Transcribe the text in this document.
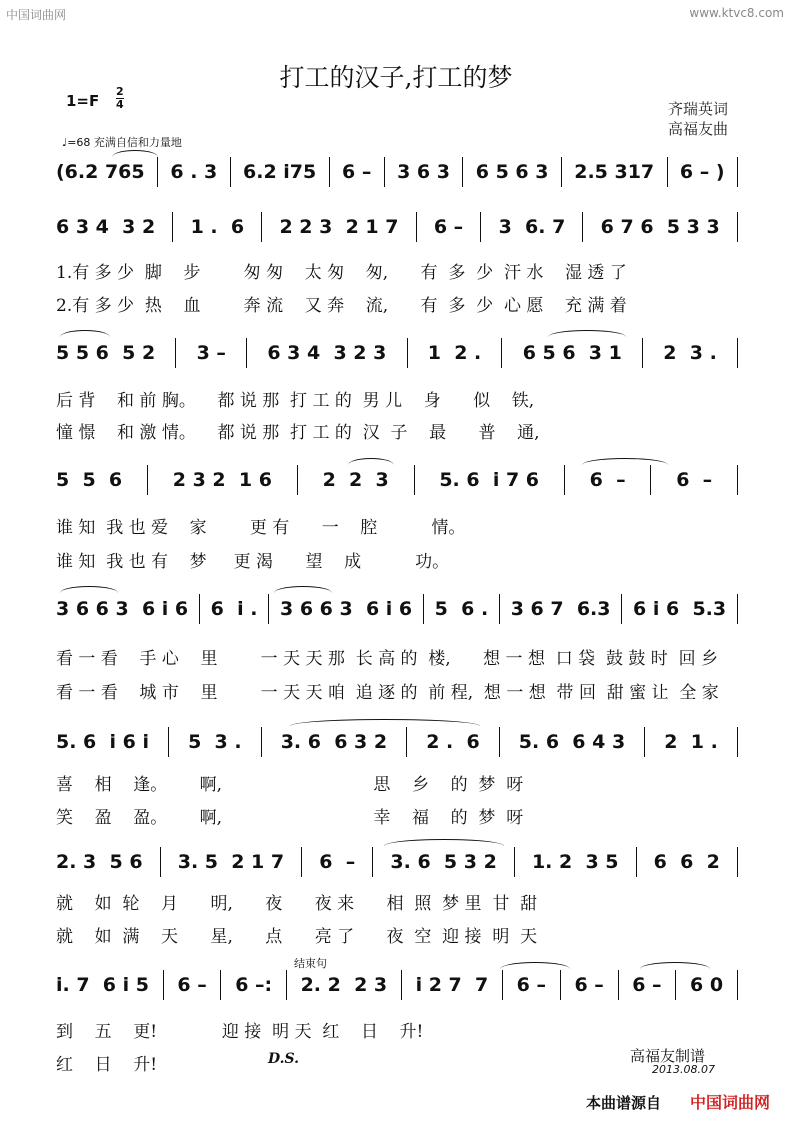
中国词曲网	www.ktvc8.com
打工的汉子,打工的梦
$1=F \frac{2}{4}$	齐瑞英词
高福友曲
♩=68 充满自信和力量地
(6.2 765 6 . 3 6.2 i75 6 – 3 6 3 6 5 6 3 2.5 317 6 – )
6 3 4  3 2 1 .  6 2 2 3  2 1 7 6 – 3  6. 7 6 7 6  5 3 3
5 5 6  5 2 3 – 6 3 4  3 2 3 1  2 . 6 5 6  3 1 2  3 .
5  5  6	2 3 2  1 6	2  2  3	5. 6  i 7 6	6  –	6  –
3 6 6 3  6 i 6 6  i . 3 6 6 3  6 i 6 5  6 . 3 6 7  6.3 6 i 6  5.3
5. 6  i 6 i 5  3 . 3. 6  6 3 2 2 .  6 5. 6  6 4 3 2  1 .
2. 3  5 6 3. 5  2 1 7 6  – 3. 6  5 3 2 1. 2  3 5 6  6  2
i. 7  6 i 5 6 – 6 –: 2. 2  2 3 i 2 7  7 6 – 6 – 6 – 6 0
1.有 多 少  脚    步        匆 匆    太 匆    匆,      有  多  少  汗 水    湿 透 了
2.有 多 少  热    血        奔 流    又 奔    流,      有  多  少  心 愿    充 满 着
后 背    和 前 胸。    都 说 那  打 工 的  男 儿    身      似    铁,
憧 憬    和 激 情。    都 说 那  打 工 的  汉  子    最      普    通,
谁 知  我 也 爱    家        更 有      一    腔          情。
谁 知  我 也 有    梦     更 渴      望    成          功。
看 一 看    手 心    里        一 天 天 那  长 高 的  楼,      想 一 想  口 袋  鼓 鼓 时  回 乡
看 一 看    城 市    里        一 天 天 咱  追 逐 的  前 程,  想 一 想  带 回  甜 蜜 让  全 家
喜    相    逢。      啊,                            思    乡    的  梦  呀
笑    盈    盈。      啊,                            幸    福    的  梦  呀
就    如  轮    月      明,      夜      夜 来      相  照  梦 里  甘  甜
就    如  满    天      星,      点      亮 了      夜  空  迎 接  明  天
到    五    更!            迎 接  明 天  红    日    升!
红    日    升!
结束句
D.S.	高福友制谱
2013.08.07
本曲谱源自 中国词曲网
